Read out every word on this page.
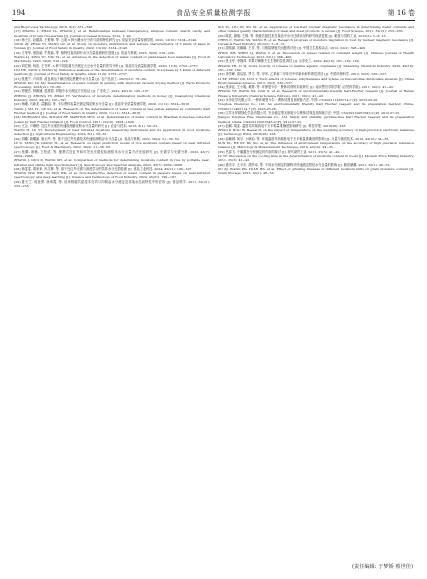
194	食品安全质量检测学报	第 16 卷

and Bioprocess Technology, 2016, 9(2): 331−340.

[17] ZHANG L, ZHAO LL, ZHANG J, et al. Relationships between transparency, amylose content, starch cavity, and moisture of brown rice kernels [J]. Journal of Cereal Science, 2019, 1: 90.

[18] 杨子江, 赵耀真, 王惟博, 等. 云南 5 种大糖水分分布与质构特性研究 [J]. 食品安全质量检测学报, 2022, 13(10): 3134−3140.

YANG ZJ, ZHAO YY, WANG GY, et al. Study on moisture distribution and texture characteristics of 5 kinds of kane in Yunnan [J]. Journal of Food Safety & Quality, 2022, 13(10): 3134−3140.

[19] 王采军, 邢欣斌, 牛燕丽, 等. 植物性食品即时水分含量检测研究进展 [J]. 食品与机械, 2023, 39(8): 218−226.

WANG LJ, XING YC, NIU YL, et al. Advances in the detection of water content of plant-based food materials [J]. Food & Machinery, 2023, 39(8): 218−226.

[20] 刘宏娥, 杨浩, 王书军. 3 种不同检测方法测定大豆水分含量的差异分析 [J]. 食品安全质量检测学报, 2020, 11(9): 2753−2757.

LIU HE, YANG Y, WANG SJ. Difference analysis of the determination of moisture content in soybean by 3 kinds of different methods [J]. Journal of Food Safety & Quality, 2020, 11(9): 2753−2757.

[21] 张康宁, 卢训青. 改良减压干燥法测定蔗糖中水分含量 [J]. 农产品加工, 2023(21): 78−80.

ZHANG KN, LU XQ. Determination of water content in gummy with improved vacuum drying method [J]. Farm Products Processing, 2023(21): 78−80.

[22] 郑俊杰, 钟翀涵, 赵甜甜. 烘箱中水分测定方法验证 [J]. 广东化工, 2022, 49(16): 195−197.

ZHENG JJ, ZHONG YY, ZHAO TT. Verification of moisture determination methods in honey [J]. Guangdong Chemical Industry, 2022, 49(16): 195−197.

[23] 杨曦, 马新龙, 葛鹏丽, 等. 卡尔费休容量法测定棉花粕水分含量 [J]. 食品安全质量检测学报, 2020, 11(11): 3614−3618.

YANG J, MA YL, GE SL, et al. Research on the determination of water content in bee pollen samples by volumetric Karl Fischer method [J]. Journal of Food Safety & Quality, 2020, 11(11): 3614−3618.

[24] MORGANO MA, MILANI RF, MARTINS MCT, et al. Determination of water content in Brazilian honeybee-collected pollen by Karl Fischer titration [J]. Food Control, 2011, 22(10): 1604−1608.

[25] 王企, 卢琳婷. 近红外光谱法快速检测蜂花粉水分含量的研究 [J]. 农业与技术, 2016, 6(1): 58−61.

WANG H, LU YT. Development of near infrared moisture measuring instrument and its application in food moisture detection [J]. Agricultural Engineering, 2016, 6(1): 58−61.

[26] 刘曦, 唐曦丽, 唐太玲, 等. 基于近红外光谱技术快速检测稻谷水分含量 [J]. 食品与机械, 2022, 38(2): 51−56, 63.

LV D, TANG JB, DIANG TL, et al. Research on rapid prediction model of rice moisture content based on near infrared spectroscopy [J]. Food & Machinery, 2022, 38(2): 51−56, 63.

[27] 张腾, 唐赋, 王松滤, 等. 便携式近红外和可见光光谱仪检测稻米水分含量方法比较研究 [J]. 光谱学与光谱分析, 2023, 43(7): 2059−2066.

ZHANG J, GUO Z, WANG SH, et al. Comparison of methods for determining moisture content in rice by portable near-infrared and visible light spectrometers [J]. Spectroscopy and Spectral Analysis, 2023, 43(7): 2059−2066.

[28] 杨雯雯, 胡家来, 孙文辉, 等. 基于近红外光谱与深度学习的苦荞水分无损检测 [J]. 食品工业科技, 2024, 45(21): 190−197.

ZHANG WW, WEI YP, SUN WK, et al. Non-destructive detection of water content in peppers based on near-infrared spectroscopy and deep learning [J]. Science and Technology of Food Industry, 2024, 45(21): 190−197.

[29] 夏天兰, 同登勇, 徐章霞, 等. 低场核磁共振技术在肉与肉制品水分测定及其他水品质特性中的应用 [J]. 食品科学, 2011, 32(21): 253−256.

XIA TL, LIU DY, XU XL, et al. Application of low-field nuclear magnetic resonance in determining water contents and other related quality characteristics of meat and meat products: A review [J]. Food Science, 2011, 32(21): 253−256.

[30] 陈武, 谢瑞, 王锦, 等. 低磁共振技术在食品中水分迁移状况的研究现状进展 [J]. 粮食与饲料工业, 2015(5): 5−8, 13.

CHEN C, WANG XX, WANG R, et al. Research progress of moisture migration in food by nuclear magnetic resonance [J]. Cereal & Feed Industry, 2015(5): 5−8, 13.

[31] 周伟斌, 沈娜娜, 王芳, 等. 与瓶装烟瓶关问题的讨论 [J]. 中国卫生检验杂志, 2012, 22(2): 398−400.

ZHOU WB, SHEN LJ, WANG Y, et al. Discussion on issues related to constant weight [J]. Chinese Journal of Health Laboratory Technology, 2012, 22(2): 398−400.

[32] 张玉华, 李静萍. 苹果对梅斯夫生生物的急性毒性 [J]. 山东化工, 2020, 49(16): 161−162, 169.

ZHANG YR, LI TJ. Acute toxicity of toluene to marine aquatic organisms [J]. Shandong Chemical Industry, 2020, 49(16): 161−162, 169.

[33] 李学峰, 周启星, 罗义, 等. 甲苯, 乙苯和二甲苯对中华新米虾的毒性效应 [J]. 中国环境科学, 2013, 33(3): 530−537.

LI XF, ZHOU QX, LUO Y. Toxic effects of toluene, ethylbenzene and xylene on Neocaridina denticulate sinensis [J]. China Environmental Science, 2013, 33(3): 530−537.

[34] 张泽业, 王小娟, 黄静, 等. 环保型卡尔・费休试剂的实验研究 [J]. 南京警官学院学报 (自然科学版), 2011, 30(1): 41−43.

ZHANG YZ, WANG XX, GAO X, et al. Research of environmentally-friendly Karl-Fischer reagent [J]. Journal of Henan Finance University (Natural Science Edition), 2011, 30(1): 41−43.

[35] 永争化学有限公司. 一种环保型卡尔・费休试剂及其制备方法: 中国, CN202111405714.7 [P]. 2023-05-26.

Yonghua Chemical Co., Ltd. An environmentally friendly Karl Fischer reagent and its preparation method: China, CN202111405714.7 [P]. 2023-05-26.

[36] 江苏永华精细化学品有限公司. 安全稳定型无吡啶卡尔费休试剂及其制备方法: 中国, CN202110057643.0 [P]. 2012-07-25.

Jiangsu Yonghua Fine Chemicals Co., Ltd. Safety and stability pyridine-free Karl Fischer reagent and its preparation method: China, CN202110057643.0 [P]. 2012-07-25.

[37] 赵鹏, 胡亚. 温度对高频真电子天平称量准确度影响研究 [J]. 科技导报, 2018(28): 238.

ZHAO P, HOU W. Research on the impact of temperature on the weighing accuracy of high-precision electronic balances [J]. Technology Wind, 2018(28): 238.

[38] 孙鹏城, 何平, 卜晓怡, 等. 环境温度对高精度电子天平称量准确度的影响 [J]. 计量与测试技术, 2016, 43(10): 34−35.

SUN PL, HE KY, BU XG, et al. The Influence of environment temperature on the accuracy of high precision reference balance [J]. Metrology & Measurement Technique, 2016, 43(10): 34−35.

[39] 吕春飞. 干燥器在分析测定时作用的探讨 [J]. 现代商贸工业, 2011, 25(3): 41−42.

LV YF. Discussion on the cooling time in the determination of moisture content in foods [J]. Modern Price Milling Industry, 2011, 25(3): 41−42.

[40] 徐宗平, 王平东, 胡华卓, 等. 不同水分测定的静物对快速测定柑桔水分含量的影响 [J]. 粮食储藏, 2021, 50(1): 48−52.

XU ZJ, WANG PD, YUAN HS, et al. Effect of grinding fineness of different moisture mills on grain moisture content [J]. Grain Storage, 2021, 50(1): 48−52.

(责任编辑: 于梦娇 蔡世佳)
